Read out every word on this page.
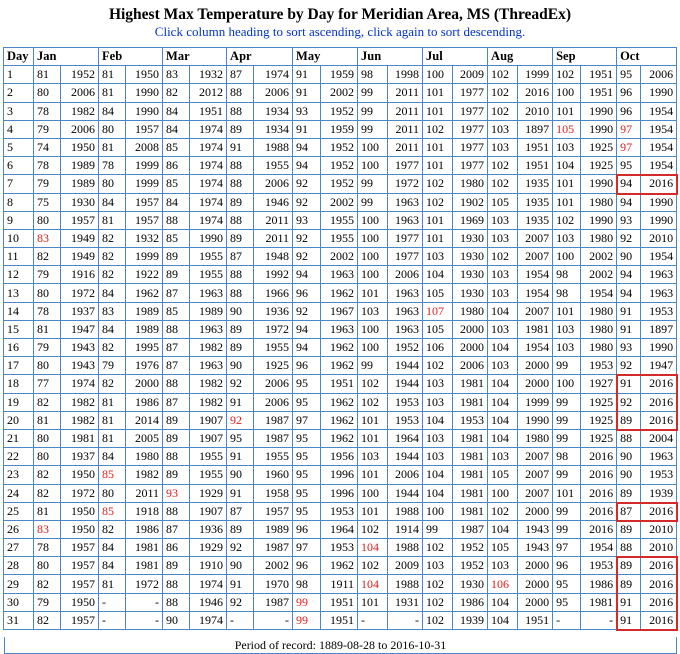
Highest Max Temperature by Day for Meridian Area, MS (ThreadEx)
Click column heading to sort ascending, click again to sort descending.
Day	Jan		Feb		Mar		Apr		May		Jun		Jul		Aug		Sep		Oct	
1	81	1952	81	1950	83	1932	87	1974	91	1959	98	1998	100	2009	102	1999	102	1951	95	2006
2	80	2006	81	1990	82	2012	88	2006	91	2002	99	2011	101	1977	102	2016	100	1951	96	1990
3	78	1982	84	1990	84	1951	88	1934	93	1952	99	2011	101	1977	102	2010	101	1990	96	1954
4	79	2006	80	1957	84	1974	89	1934	91	1959	99	2011	102	1977	103	1897	105	1990	97	1954
5	74	1950	81	2008	85	1974	91	1988	94	1952	100	2011	101	1977	103	1951	103	1925	97	1954
6	78	1989	78	1999	86	1974	88	1955	94	1952	100	1977	101	1977	102	1951	104	1925	95	1954
7	79	1989	80	1999	85	1974	88	2006	92	1952	99	1972	102	1980	102	1935	101	1990	94	2016
8	75	1930	84	1957	84	1974	89	1946	92	2002	99	1963	102	1902	105	1935	101	1980	94	1990
9	80	1957	81	1957	88	1974	88	2011	93	1955	100	1963	101	1969	103	1935	102	1990	93	1990
10	83	1949	82	1932	85	1990	89	2011	92	1955	100	1977	101	1930	103	2007	103	1980	92	2010
11	82	1949	82	1999	89	1955	87	1948	92	2002	100	1977	103	1930	102	2007	100	2002	90	1954
12	79	1916	82	1922	89	1955	88	1992	94	1963	100	2006	104	1930	103	1954	98	2002	94	1963
13	80	1972	84	1962	87	1963	88	1966	96	1962	101	1963	105	1930	103	1954	98	1954	94	1963
14	78	1937	83	1989	85	1989	90	1936	92	1967	103	1963	107	1980	104	2007	101	1980	91	1953
15	81	1947	84	1989	88	1963	89	1972	94	1963	100	1963	105	2000	103	1981	103	1980	91	1897
16	79	1943	82	1995	87	1982	89	1955	94	1962	100	1952	106	2000	104	1954	103	1980	93	1990
17	80	1943	79	1976	87	1963	90	1925	96	1962	99	1944	102	2006	103	2000	99	1953	92	1947
18	77	1974	82	2000	88	1982	92	2006	95	1951	102	1944	103	1981	104	2000	100	1927	91	2016
19	82	1982	81	1986	87	1982	91	2006	95	1962	102	1953	103	1981	104	1999	99	1925	92	2016
20	81	1982	81	2014	89	1907	92	1987	97	1962	101	1953	104	1953	104	1990	99	1925	89	2016
21	80	1981	81	2005	89	1907	95	1987	95	1962	101	1964	103	1981	104	1980	99	1925	88	2004
22	80	1937	84	1980	88	1955	91	1955	95	1956	103	1944	103	1981	103	2007	98	2016	90	1963
23	82	1950	85	1982	89	1955	90	1960	95	1996	101	2006	104	1981	105	2007	99	2016	90	1953
24	82	1972	80	2011	93	1929	91	1958	95	1996	100	1944	104	1981	100	2007	101	2016	89	1939
25	81	1950	85	1918	88	1907	87	1957	95	1953	101	1988	100	1981	102	2000	99	2016	87	2016
26	83	1950	82	1986	87	1936	89	1989	96	1964	102	1914	99	1987	104	1943	99	2016	89	2010
27	78	1957	84	1981	86	1929	92	1987	97	1953	104	1988	102	1952	105	1943	97	1954	88	2010
28	80	1957	84	1981	89	1910	90	2002	96	1962	102	2009	103	1952	103	2000	96	1953	89	2016
29	82	1957	81	1972	88	1974	91	1970	98	1911	104	1988	102	1930	106	2000	95	1986	89	2016
30	79	1950	-	-	88	1946	92	1987	99	1951	101	1931	102	1986	104	2000	95	1981	91	2016
31	82	1957	-	-	90	1974	-	-	99	1951	-	-	102	1939	104	1951	-	-	91	2016
Period of record: 1889-08-28 to 2016-10-31
